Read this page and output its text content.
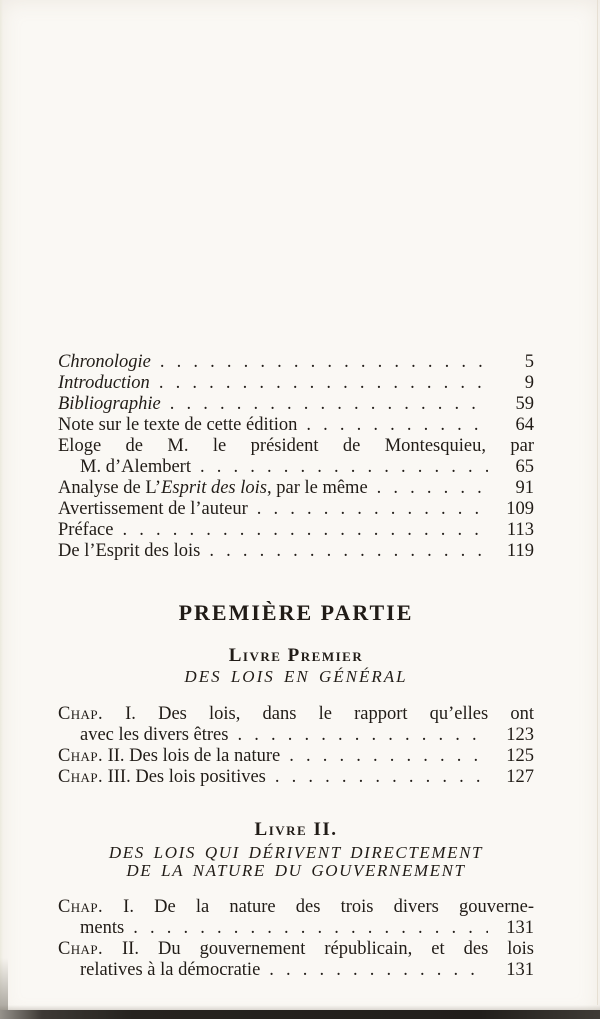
Chronologie . . .	5
Introduction . . .	9
Bibliographie . . .	59
Note sur le texte de cette édition . . .	64
Eloge de M. le président de Montesquieu, par
M. d’Alembert . . .	65
Analyse de L’Esprit des lois, par le même . . .	91
Avertissement de l’auteur . . .	109
Préface . . .	113
De l’Esprit des lois . . .	119
PREMIÈRE PARTIE
Livre Premier
DES LOIS EN GÉNÉRAL
Chap. I. Des lois, dans le rapport qu’elles ont
avec les divers êtres . . .	123
Chap. II. Des lois de la nature . . .	125
Chap. III. Des lois positives . . .	127
Livre II.
DES LOIS QUI DÉRIVENT DIRECTEMENT
DE LA NATURE DU GOUVERNEMENT
Chap. I. De la nature des trois divers gouverne-
ments . . .	131
Chap. II. Du gouvernement républicain, et des lois
relatives à la démocratie . . .	131
